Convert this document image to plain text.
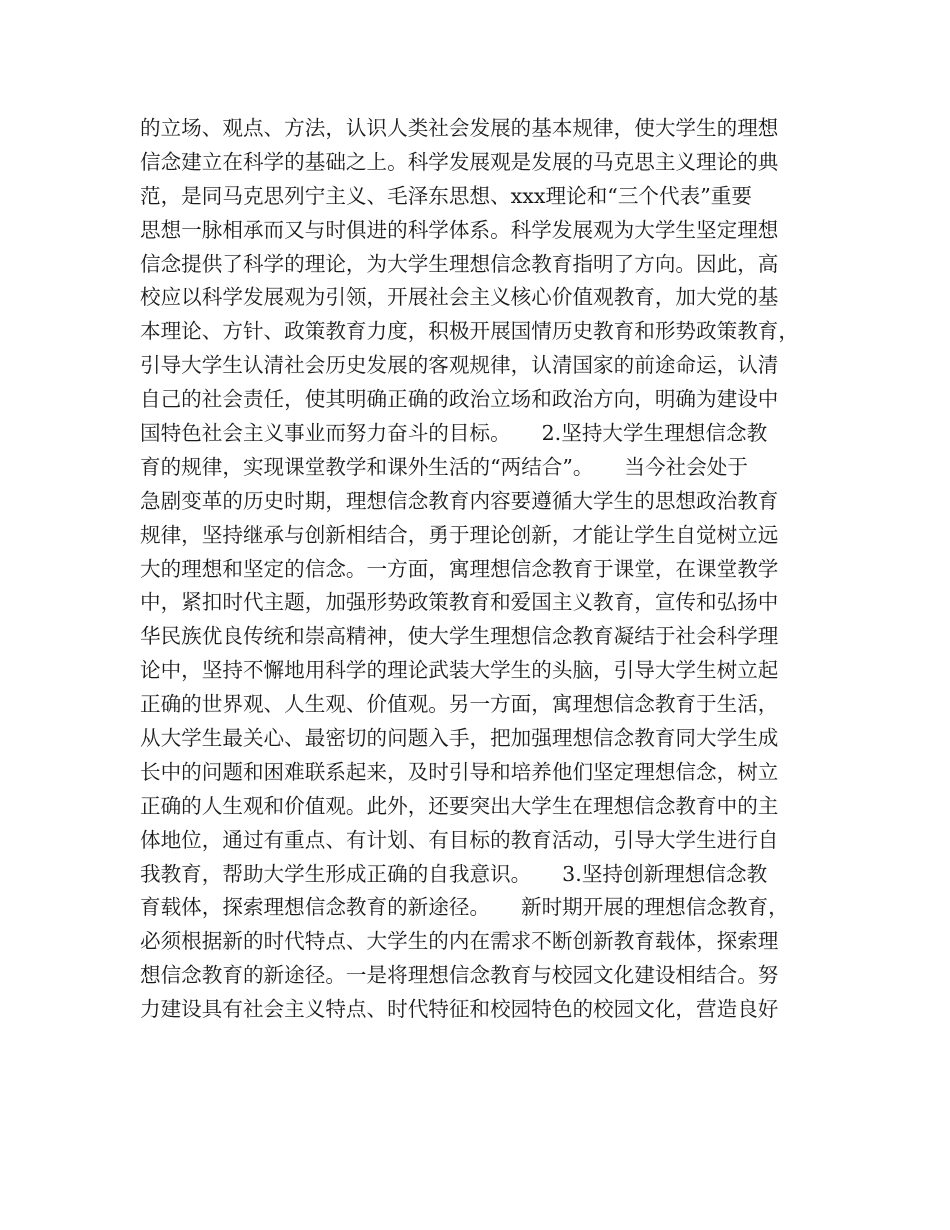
的立场、观点、方法，认识人类社会发展的基本规律，使大学生的理想

信念建立在科学的基础之上。科学发展观是发展的马克思主义理论的典

范，是同马克思列宁主义、毛泽东思想、xxx理论和“三个代表”重要

思想一脉相承而又与时俱进的科学体系。科学发展观为大学生坚定理想

信念提供了科学的理论，为大学生理想信念教育指明了方向。因此，高

校应以科学发展观为引领，开展社会主义核心价值观教育，加大党的基

本理论、方针、政策教育力度，积极开展国情历史教育和形势政策教育，

引导大学生认清社会历史发展的客观规律，认清国家的前途命运，认清

自己的社会责任，使其明确正确的政治立场和政治方向，明确为建设中

国特色社会主义事业而努力奋斗的目标。　　2.坚持大学生理想信念教

育的规律，实现课堂教学和课外生活的“两结合”。　　当今社会处于

急剧变革的历史时期，理想信念教育内容要遵循大学生的思想政治教育

规律，坚持继承与创新相结合，勇于理论创新，才能让学生自觉树立远

大的理想和坚定的信念。一方面，寓理想信念教育于课堂，在课堂教学

中，紧扣时代主题，加强形势政策教育和爱国主义教育，宣传和弘扬中

华民族优良传统和崇高精神，使大学生理想信念教育凝结于社会科学理

论中，坚持不懈地用科学的理论武装大学生的头脑，引导大学生树立起

正确的世界观、人生观、价值观。另一方面，寓理想信念教育于生活，

从大学生最关心、最密切的问题入手，把加强理想信念教育同大学生成

长中的问题和困难联系起来，及时引导和培养他们坚定理想信念，树立

正确的人生观和价值观。此外，还要突出大学生在理想信念教育中的主

体地位，通过有重点、有计划、有目标的教育活动，引导大学生进行自

我教育，帮助大学生形成正确的自我意识。　　3.坚持创新理想信念教

育载体，探索理想信念教育的新途径。　　新时期开展的理想信念教育，

必须根据新的时代特点、大学生的内在需求不断创新教育载体，探索理

想信念教育的新途径。一是将理想信念教育与校园文化建设相结合。努

力建设具有社会主义特点、时代特征和校园特色的校园文化，营造良好
